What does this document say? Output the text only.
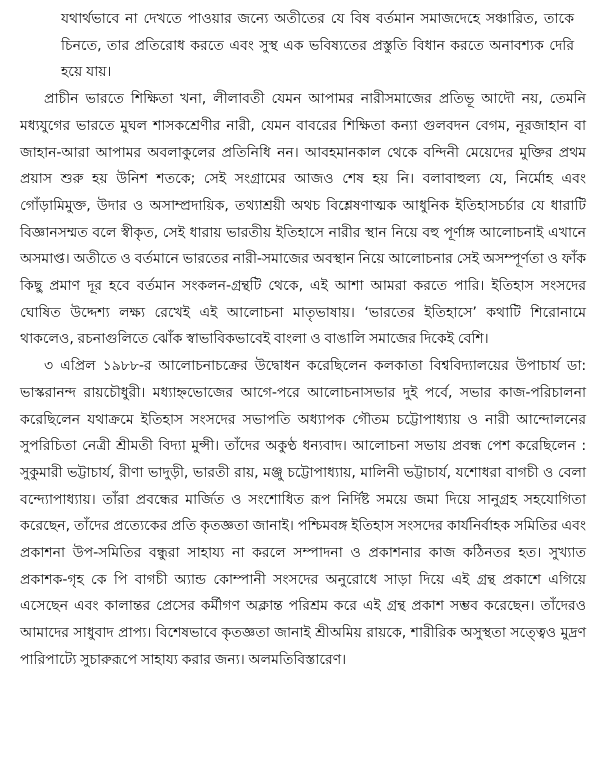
যথার্থভাবে না দেখতে পাওয়ার জন্যে অতীতের যে বিষ বর্তমান সমাজদেহে সঞ্চারিত, তাকে চিনতে, তার প্রতিরোধ করতে এবং সুস্থ এক ভবিষ্যতের প্রস্তুতি বিধান করতে অনাবশ্যক দেরি হয়ে যায়।

প্রাচীন ভারতে শিক্ষিতা খনা, লীলাবতী যেমন আপামর নারীসমাজের প্রতিভূ আদৌ নয়, তেমনি মধ্যযুগের ভারতে মুঘল শাসকশ্রেণীর নারী, যেমন বাবরের শিক্ষিতা কন্যা গুলবদন বেগম, নূরজাহান বা জাহান-আরা আপামর অবলাকুলের প্রতিনিধি নন। আবহমানকাল থেকে বন্দিনী মেয়েদের মুক্তির প্রথম প্রয়াস শুরু হয় উনিশ শতকে; সেই সংগ্রামের আজও শেষ হয় নি। বলাবাহুল্য যে, নির্মোহ এবং গোঁড়ামিমুক্ত, উদার ও অসাম্প্রদায়িক, তথ্যাশ্রয়ী অথচ বিশ্লেষণাত্মক আধুনিক ইতিহাসচর্চার যে ধারাটি বিজ্ঞানসম্মত বলে স্বীকৃত, সেই ধারায় ভারতীয় ইতিহাসে নারীর স্থান নিয়ে বহু পূর্ণাঙ্গ আলোচনাই এখানে অসমাপ্ত। অতীতে ও বর্তমানে ভারতের নারী-সমাজের অবস্থান নিয়ে আলোচনার সেই অসম্পূর্ণতা ও ফাঁক কিছু প্রমাণ দূর হবে বর্তমান সংকলন-গ্রন্থটি থেকে, এই আশা আমরা করতে পারি। ইতিহাস সংসদের ঘোষিত উদ্দেশ্য লক্ষ্য রেখেই এই আলোচনা মাতৃভাষায়। ‘ভারতের ইতিহাসে’ কথাটি শিরোনামে থাকলেও, রচনাগুলিতে ঝোঁক স্বাভাবিকভাবেই বাংলা ও বাঙালি সমাজের দিকেই বেশি।

৩ এপ্রিল ১৯৮৮-র আলোচনাচক্রের উদ্বোধন করেছিলেন কলকাতা বিশ্ববিদ্যালয়ের উপাচার্য ডা: ভাস্করানন্দ রায়চৌধুরী। মধ্যাহ্নভোজের আগে-পরে আলোচনাসভার দুই পর্বে, সভার কাজ-পরিচালনা করেছিলেন যথাক্রমে ইতিহাস সংসদের সভাপতি অধ্যাপক গৌতম চট্টোপাধ্যায় ও নারী আন্দোলনের সুপরিচিতা নেত্রী শ্রীমতী বিদ্যা মুন্সী। তাঁদের অকুণ্ঠ ধন্যবাদ। আলোচনা সভায় প্রবন্ধ পেশ করেছিলেন : সুকুমারী ভট্টাচার্য, রীণা ভাদুড়ী, ভারতী রায়, মঞ্জু চট্টোপাধ্যায়, মালিনী ভট্টাচার্য, যশোধরা বাগচী ও বেলা বন্দ্যোপাধ্যায়। তাঁরা প্রবন্ধের মার্জিত ও সংশোধিত রূপ নির্দিষ্ট সময়ে জমা দিয়ে সানুগ্রহ সহযোগিতা করেছেন, তাঁদের প্রত্যেকের প্রতি কৃতজ্ঞতা জানাই। পশ্চিমবঙ্গ ইতিহাস সংসদের কার্যনির্বাহক সমিতির এবং প্রকাশনা উপ-সমিতির বন্ধুরা সাহায্য না করলে সম্পাদনা ও প্রকাশনার কাজ কঠিনতর হত। সুখ্যাত প্রকাশক-গৃহ কে পি বাগচী অ্যান্ড কোম্পানী সংসদের অনুরোধে সাড়া দিয়ে এই গ্রন্থ প্রকাশে এগিয়ে এসেছেন এবং কালান্তর প্রেসের কর্মীগণ অক্লান্ত পরিশ্রম করে এই গ্রন্থ প্রকাশ সম্ভব করেছেন। তাঁদেরও আমাদের সাধুবাদ প্রাপ্য। বিশেষভাবে কৃতজ্ঞতা জানাই শ্রীঅমিয় রায়কে, শারীরিক অসুস্থতা সত্ত্বেও মুদ্রণ পারিপাট্যে সুচারুরূপে সাহায্য করার জন্য। অলমতিবিস্তারেণ।
